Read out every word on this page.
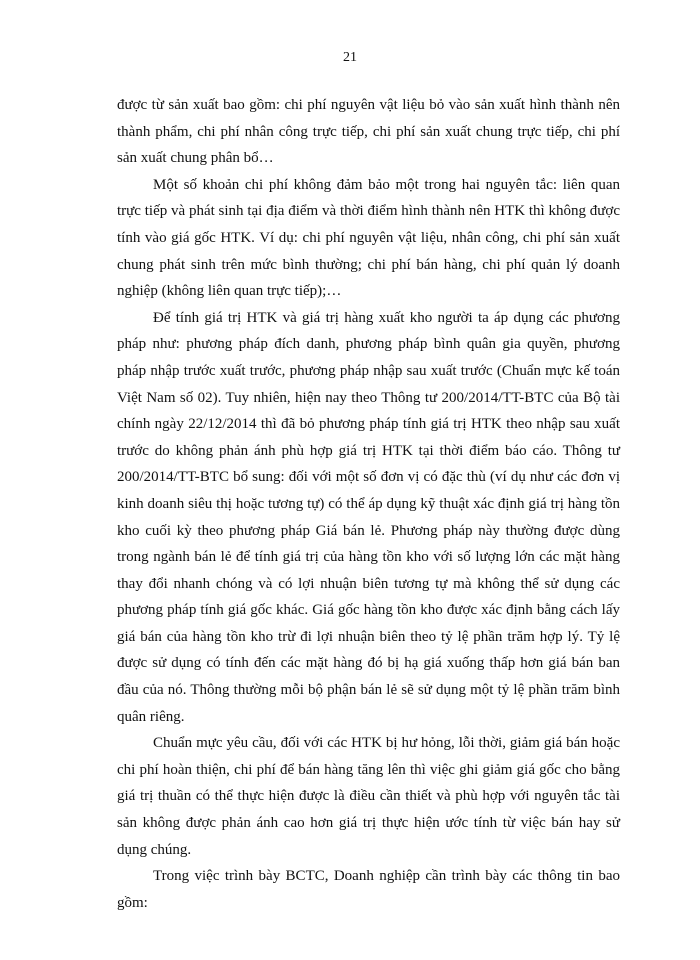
21

được từ sản xuất bao gồm: chi phí nguyên vật liệu bỏ vào sản xuất hình thành nên thành phẩm, chi phí nhân công trực tiếp, chi phí sản xuất chung trực tiếp, chi phí sản xuất chung phân bổ…

Một số khoản chi phí không đảm bảo một trong hai nguyên tắc: liên quan trực tiếp và phát sinh tại địa điểm và thời điểm hình thành nên HTK thì không được tính vào giá gốc HTK. Ví dụ: chi phí nguyên vật liệu, nhân công, chi phí sản xuất chung phát sinh trên mức bình thường; chi phí bán hàng, chi phí quản lý doanh nghiệp (không liên quan trực tiếp);…

Để tính giá trị HTK và giá trị hàng xuất kho người ta áp dụng các phương pháp như: phương pháp đích danh, phương pháp bình quân gia quyền, phương pháp nhập trước xuất trước, phương pháp nhập sau xuất trước (Chuẩn mực kế toán Việt Nam số 02). Tuy nhiên, hiện nay theo Thông tư 200/2014/TT-BTC của Bộ tài chính ngày 22/12/2014 thì đã bỏ phương pháp tính giá trị HTK theo nhập sau xuất trước do không phản ánh phù hợp giá trị HTK tại thời điểm báo cáo. Thông tư 200/2014/TT-BTC bổ sung: đối với một số đơn vị có đặc thù (ví dụ như các đơn vị kinh doanh siêu thị hoặc tương tự) có thể áp dụng kỹ thuật xác định giá trị hàng tồn kho cuối kỳ theo phương pháp Giá bán lẻ. Phương pháp này thường được dùng trong ngành bán lẻ để tính giá trị của hàng tồn kho với số lượng lớn các mặt hàng thay đổi nhanh chóng và có lợi nhuận biên tương tự mà không thể sử dụng các phương pháp tính giá gốc khác. Giá gốc hàng tồn kho được xác định bằng cách lấy giá bán của hàng tồn kho trừ đi lợi nhuận biên theo tỷ lệ phần trăm hợp lý. Tỷ lệ được sử dụng có tính đến các mặt hàng đó bị hạ giá xuống thấp hơn giá bán ban đầu của nó. Thông thường mỗi bộ phận bán lẻ sẽ sử dụng một tỷ lệ phần trăm bình quân riêng.

Chuẩn mực yêu cầu, đối với các HTK bị hư hỏng, lỗi thời, giảm giá bán hoặc chi phí hoàn thiện, chi phí để bán hàng tăng lên thì việc ghi giảm giá gốc cho bằng giá trị thuần có thể thực hiện được là điều cần thiết và phù hợp với nguyên tắc tài sản không được phản ánh cao hơn giá trị thực hiện ước tính từ việc bán hay sử dụng chúng.

Trong việc trình bày BCTC, Doanh nghiệp cần trình bày các thông tin bao gồm:
